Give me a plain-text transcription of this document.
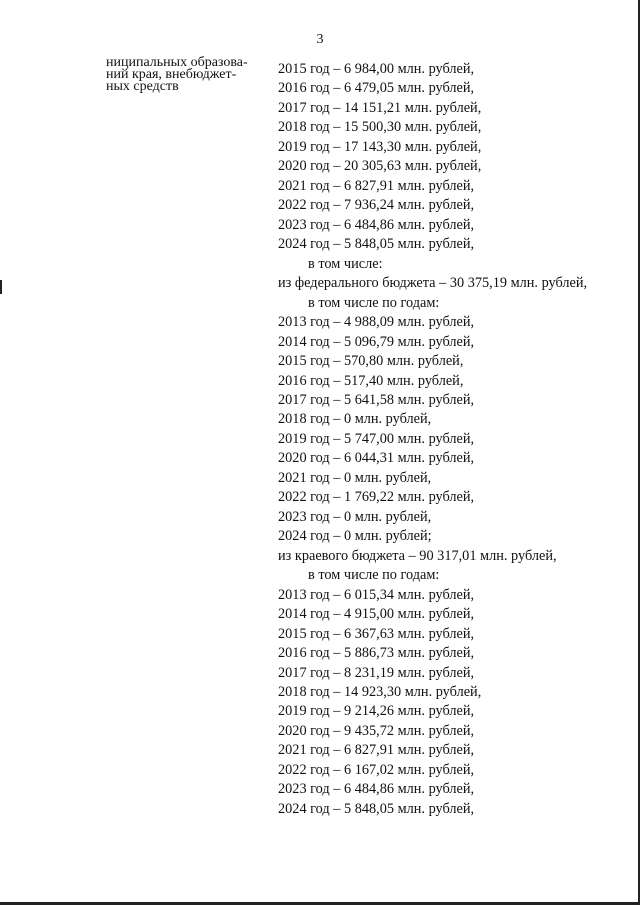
3
ниципальных образова-
ний края, внебюджет-
ных средств
2015 год – 6 984,00 млн. рублей,
2016 год – 6 479,05 млн. рублей,
2017 год – 14 151,21 млн. рублей,
2018 год – 15 500,30 млн. рублей,
2019 год – 17 143,30 млн. рублей,
2020 год – 20 305,63 млн. рублей,
2021 год – 6 827,91 млн. рублей,
2022 год – 7 936,24 млн. рублей,
2023 год – 6 484,86 млн. рублей,
2024 год – 5 848,05 млн. рублей,
в том числе:
из федерального бюджета – 30 375,19 млн. рублей,
в том числе по годам:
2013 год – 4 988,09 млн. рублей,
2014 год – 5 096,79 млн. рублей,
2015 год – 570,80 млн. рублей,
2016 год – 517,40 млн. рублей,
2017 год – 5 641,58 млн. рублей,
2018 год – 0 млн. рублей,
2019 год – 5 747,00 млн. рублей,
2020 год – 6 044,31 млн. рублей,
2021 год – 0 млн. рублей,
2022 год – 1 769,22 млн. рублей,
2023 год – 0 млн. рублей,
2024 год – 0 млн. рублей;
из краевого бюджета – 90 317,01 млн. рублей,
в том числе по годам:
2013 год – 6 015,34 млн. рублей,
2014 год – 4 915,00 млн. рублей,
2015 год – 6 367,63 млн. рублей,
2016 год – 5 886,73 млн. рублей,
2017 год – 8 231,19 млн. рублей,
2018 год – 14 923,30 млн. рублей,
2019 год – 9 214,26 млн. рублей,
2020 год – 9 435,72 млн. рублей,
2021 год – 6 827,91 млн. рублей,
2022 год – 6 167,02 млн. рублей,
2023 год – 6 484,86 млн. рублей,
2024 год – 5 848,05 млн. рублей,
